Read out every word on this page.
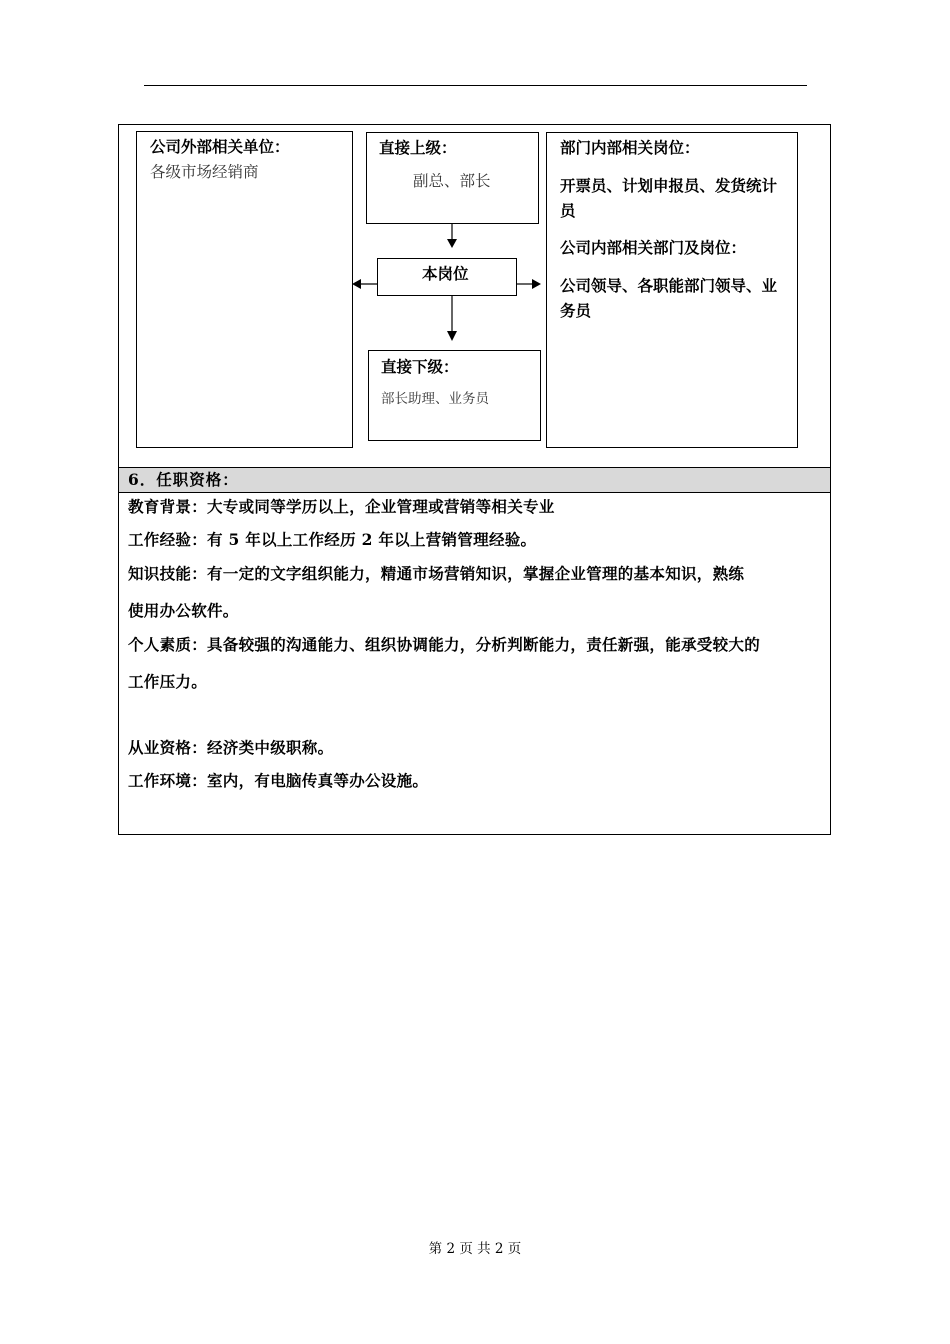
公司外部相关单位：
各级市场经销商
直接上级：
副总、部长
本岗位
直接下级：
部长助理、业务员
部门内部相关岗位：
开票员、计划申报员、发货统计
员
公司内部相关部门及岗位：
公司领导、各职能部门领导、业
务员
6．任职资格：
教育背景：大专或同等学历以上，企业管理或营销等相关专业
工作经验：有 5 年以上工作经历 2 年以上营销管理经验。
知识技能：有一定的文字组织能力，精通市场营销知识，掌握企业管理的基本知识，熟练
使用办公软件。
个人素质：具备较强的沟通能力、组织协调能力，分析判断能力，责任新强，能承受较大的
工作压力。
从业资格：经济类中级职称。
工作环境：室内，有电脑传真等办公设施。
第 2 页 共 2 页
